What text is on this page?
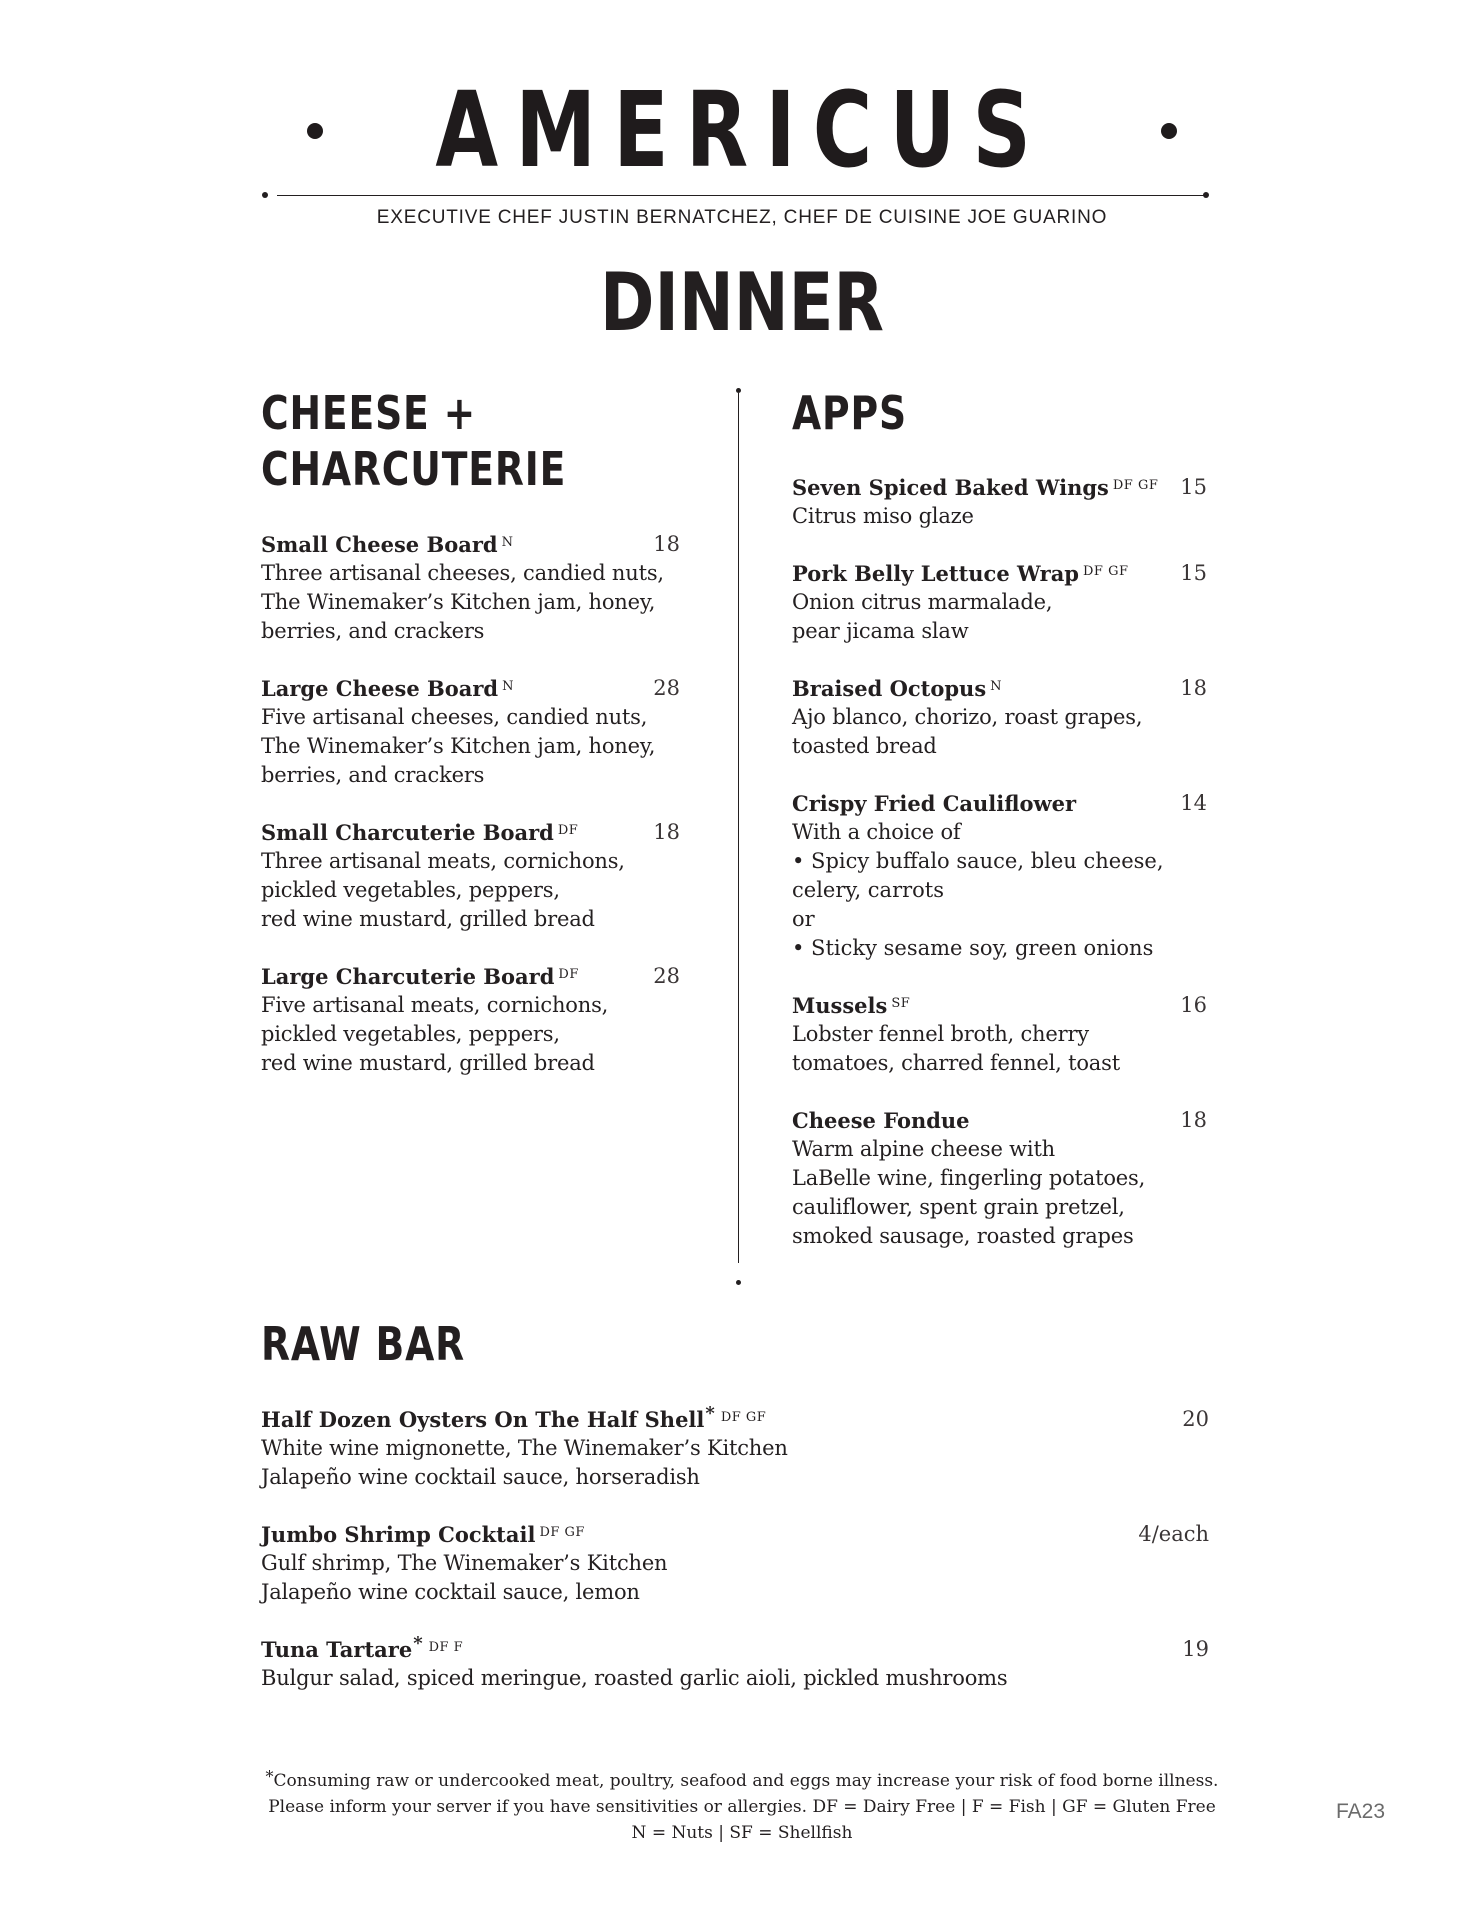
AMERICUS
EXECUTIVE CHEF JUSTIN BERNATCHEZ, CHEF DE CUISINE JOE GUARINO
DINNER
CHEESE +
CHARCUTERIE
Small Cheese Board $^N$	18
Three artisanal cheeses, candied nuts,
The Winemaker’s Kitchen jam, honey,
berries, and crackers
Large Cheese Board $^N$	28
Five artisanal cheeses, candied nuts,
The Winemaker’s Kitchen jam, honey,
berries, and crackers
Small Charcuterie Board $^{DF}$	18
Three artisanal meats, cornichons,
pickled vegetables, peppers,
red wine mustard, grilled bread
Large Charcuterie Board $^{DF}$	28
Five artisanal meats, cornichons,
pickled vegetables, peppers,
red wine mustard, grilled bread
APPS
Seven Spiced Baked Wings $^{DF GF}$ 15
Citrus miso glaze
Pork Belly Lettuce Wrap $^{DF GF}$ 15
Onion citrus marmalade,
pear jicama slaw
Braised Octopus $^N$	18
Ajo blanco, chorizo, roast grapes,
toasted bread
Crispy Fried Cauliflower	14
With a choice of
• Spicy buffalo sauce, bleu cheese,
celery, carrots
or
• Sticky sesame soy, green onions
Mussels $^{SF}$	16
Lobster fennel broth, cherry
tomatoes, charred fennel, toast
Cheese Fondue	18
Warm alpine cheese with
LaBelle wine, fingerling potatoes,
cauliflower, spent grain pretzel,
smoked sausage, roasted grapes
RAW BAR
Half Dozen Oysters On The Half Shell* $^{DF GF}$	20
White wine mignonette, The Winemaker’s Kitchen
Jalapeño wine cocktail sauce, horseradish
Jumbo Shrimp Cocktail $^{DF GF}$	4/each
Gulf shrimp, The Winemaker’s Kitchen
Jalapeño wine cocktail sauce, lemon
Tuna Tartare* $^{DF F}$	19
Bulgur salad, spiced meringue, roasted garlic aioli, pickled mushrooms
*Consuming raw or undercooked meat, poultry, seafood and eggs may increase your risk of food borne illness.
Please inform your server if you have sensitivities or allergies. DF = Dairy Free | F = Fish | GF = Gluten Free
N = Nuts | SF = Shellfish
FA23
